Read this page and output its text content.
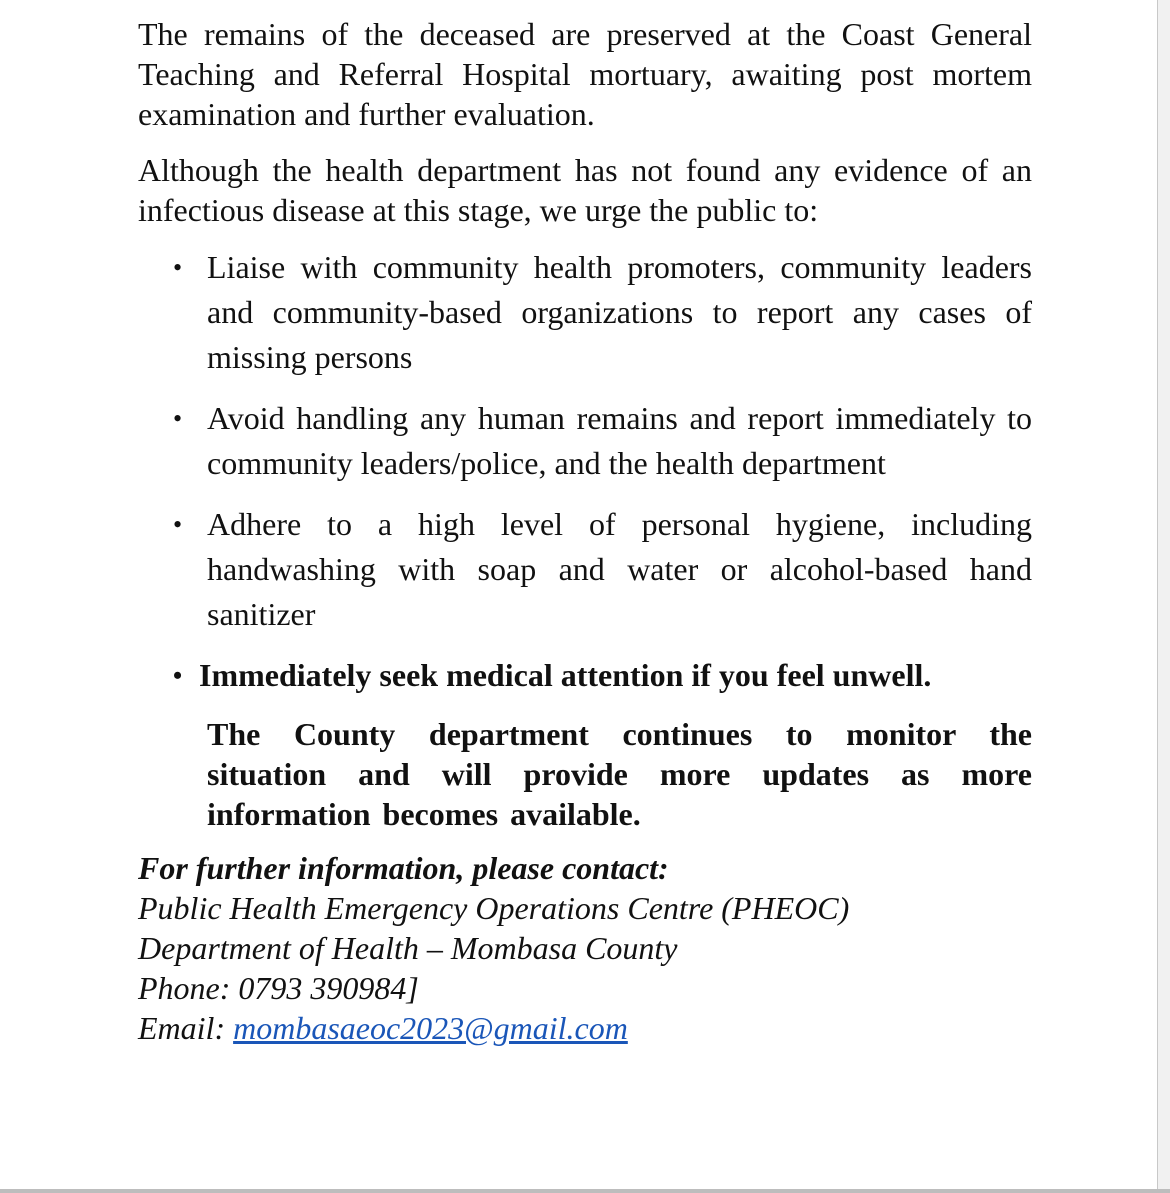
The remains of the deceased are preserved at the Coast General Teaching and Referral Hospital mortuary, awaiting post mortem examination and further evaluation.

Although the health department has not found any evidence of an infectious disease at this stage, we urge the public to:

• Liaise with community health promoters, community leaders and community-based organizations to report any cases of missing persons
• Avoid handling any human remains and report immediately to community leaders/police, and the health department
• Adhere to a high level of personal hygiene, including handwashing with soap and water or alcohol-based hand sanitizer
• Immediately seek medical attention if you feel unwell.
The County department continues to monitor the situation and will provide more updates as more information becomes available.
For further information, please contact:
Public Health Emergency Operations Centre (PHEOC)
Department of Health – Mombasa County
Phone: 0793 390984]
Email: mombasaeoc2023@gmail.com
